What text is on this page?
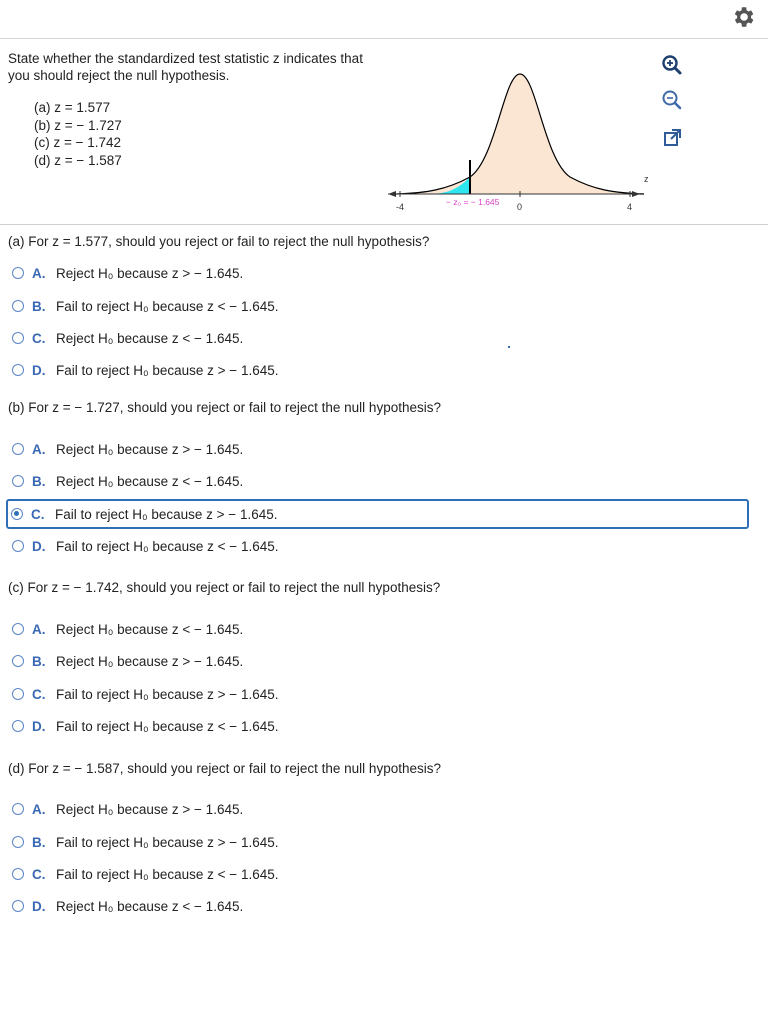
State whether the standardized test statistic z indicates that
you should reject the null hypothesis.
(a) z = 1.577
(b) z = − 1.727
(c) z = − 1.742
(d) z = − 1.587
-4	0	4
z
− z₀ = − 1.645
(a) For z = 1.577, should you reject or fail to reject the null hypothesis?
A. Reject H₀ because z > − 1.645.
B. Fail to reject H₀ because z < − 1.645.
C. Reject H₀ because z < − 1.645.
D. Fail to reject H₀ because z > − 1.645.
(b) For z = − 1.727, should you reject or fail to reject the null hypothesis?
A. Reject H₀ because z > − 1.645.
B. Reject H₀ because z < − 1.645.
C. Fail to reject H₀ because z > − 1.645.
D. Fail to reject H₀ because z < − 1.645.
(c) For z = − 1.742, should you reject or fail to reject the null hypothesis?
A. Reject H₀ because z < − 1.645.
B. Reject H₀ because z > − 1.645.
C. Fail to reject H₀ because z > − 1.645.
D. Fail to reject H₀ because z < − 1.645.
(d) For z = − 1.587, should you reject or fail to reject the null hypothesis?
A. Reject H₀ because z > − 1.645.
B. Fail to reject H₀ because z > − 1.645.
C. Fail to reject H₀ because z < − 1.645.
D. Reject H₀ because z < − 1.645.
